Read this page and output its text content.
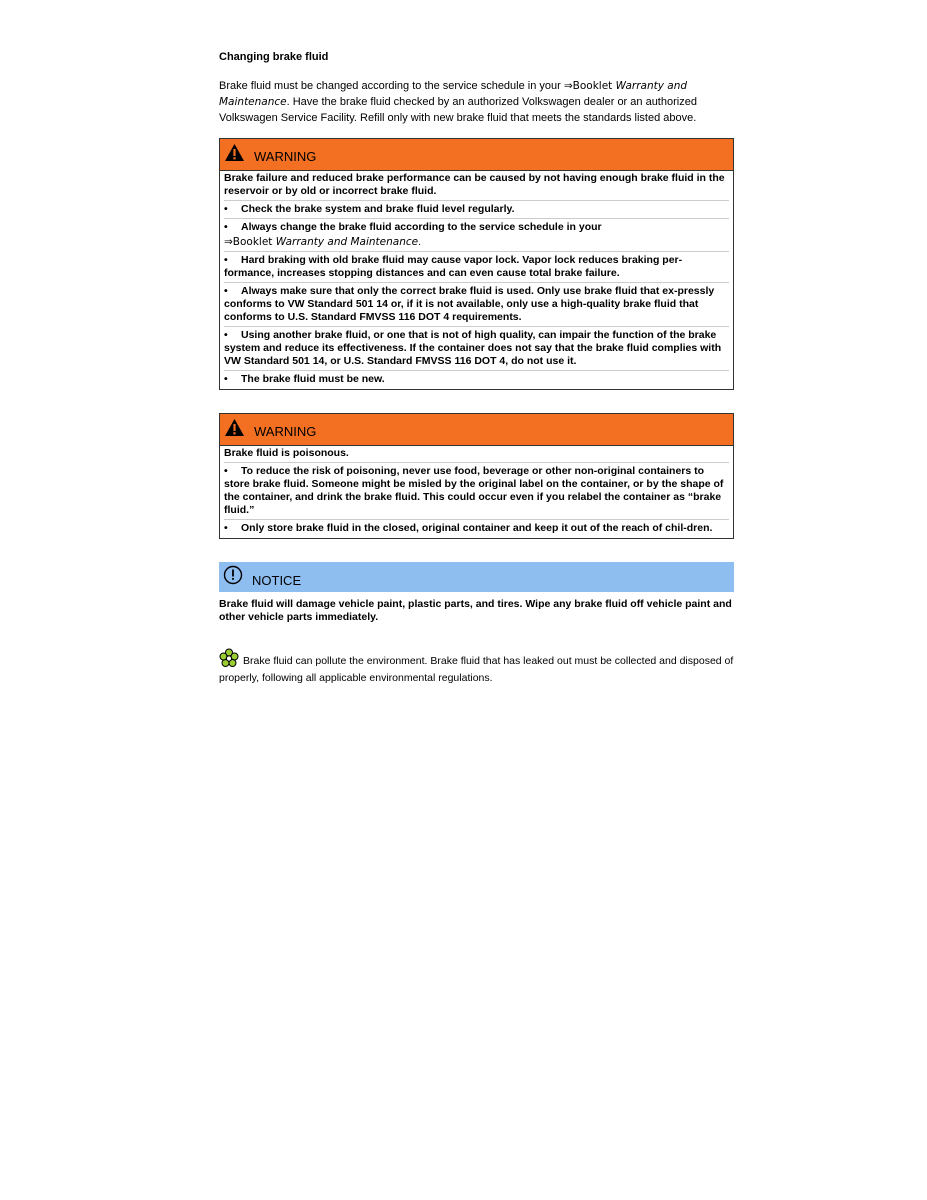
Changing brake fluid
Brake fluid must be changed according to the service schedule in your ⇒Booklet Warranty and
Maintenance. Have the brake fluid checked by an authorized Volkswagen dealer or an authorized
Volkswagen Service Facility. Refill only with new brake fluid that meets the standards listed above.
WARNING

Brake failure and reduced brake performance can be caused by not having enough brake fluid in the reservoir or by old or incorrect brake fluid.

• Check the brake system and brake fluid level regularly.

• Always change the brake fluid according to the service schedule in your

⇒Booklet Warranty and Maintenance.

• Hard braking with old brake fluid may cause vapor lock. Vapor lock reduces braking per-formance, increases stopping distances and can even cause total brake failure.

• Always make sure that only the correct brake fluid is used. Only use brake fluid that ex-pressly conforms to VW Standard 501 14 or, if it is not available, only use a high-quality brake fluid that conforms to U.S. Standard FMVSS 116 DOT 4 requirements.

• Using another brake fluid, or one that is not of high quality, can impair the function of the brake system and reduce its effectiveness. If the container does not say that the brake fluid complies with VW Standard 501 14, or U.S. Standard FMVSS 116 DOT 4, do not use it.

• The brake fluid must be new.

WARNING

Brake fluid is poisonous.

• To reduce the risk of poisoning, never use food, beverage or other non-original containers to store brake fluid. Someone might be misled by the original label on the container, or by the shape of the container, and drink the brake fluid. This could occur even if you relabel the container as “brake fluid.”

• Only store brake fluid in the closed, original container and keep it out of the reach of chil-dren.

NOTICE
Brake fluid will damage vehicle paint, plastic parts, and tires. Wipe any brake fluid off vehicle paint and other vehicle parts immediately.
Brake fluid can pollute the environment. Brake fluid that has leaked out must be collected and disposed of properly, following all applicable environmental regulations.
